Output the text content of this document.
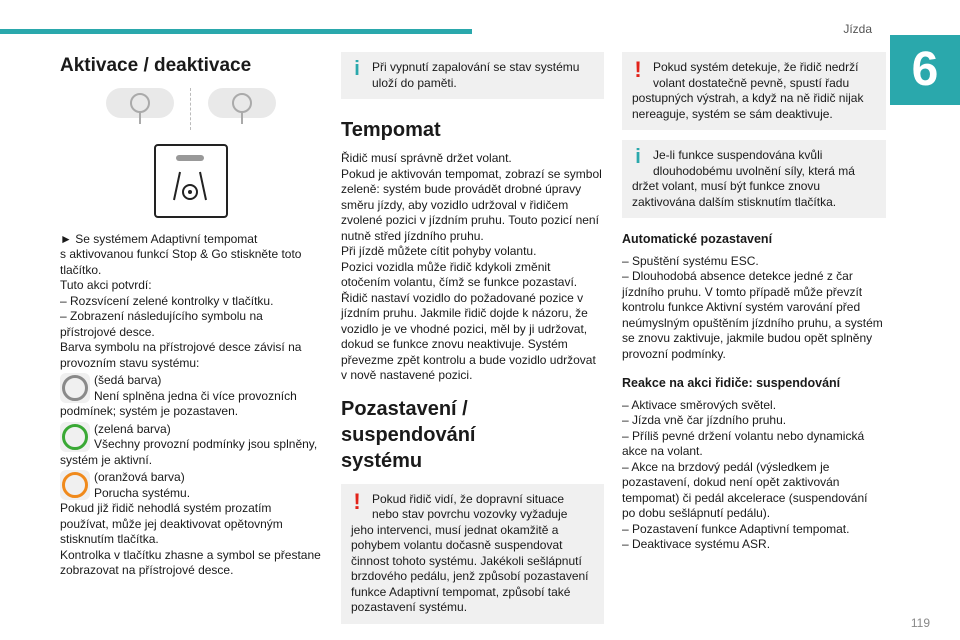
Jízda
6
119
Aktivace / deaktivace

► Se systémem Adaptivní tempomat

s aktivovanou funkcí Stop & Go stiskněte toto

tlačítko.

Tuto akci potvrdí:

– Rozsvícení zelené kontrolky v tlačítku.

– Zobrazení následujícího symbolu na

přístrojové desce.

Barva symbolu na přístrojové desce závisí na

provozním stavu systému:

(šedá barva)

Není splněna jedna či více provozních

podmínek; systém je pozastaven.

(zelená barva)

Všechny provozní podmínky jsou splněny,

systém je aktivní.

(oranžová barva)

Porucha systému.

Pokud již řidič nehodlá systém prozatím

používat, může jej deaktivovat opětovným

stisknutím tlačítka.

Kontrolka v tlačítku zhasne a symbol se přestane

zobrazovat na přístrojové desce.

i	Při vypnutí zapalování se stav systému

uloží do paměti.

Tempomat

Řidič musí správně držet volant.

Pokud je aktivován tempomat, zobrazí se symbol

zeleně: systém bude provádět drobné úpravy

směru jízdy, aby vozidlo udržoval v řidičem

zvolené pozici v jízdním pruhu. Touto pozicí není

nutně střed jízdního pruhu.

Při jízdě můžete cítit pohyby volantu.

Pozici vozidla může řidič kdykoli změnit

otočením volantu, čímž se funkce pozastaví.

Řidič nastaví vozidlo do požadované pozice v

jízdním pruhu. Jakmile řidič dojde k názoru, že

vozidlo je ve vhodné pozici, měl by ji udržovat,

dokud se funkce znovu neaktivuje. Systém

převezme zpět kontrolu a bude vozidlo udržovat

v nově nastavené pozici.

Pozastavení / suspendování
systému
! Pokud řidič vidí, že dopravní situace

nebo stav povrchu vozovky vyžaduje

jeho intervenci, musí jednat okamžitě a

pohybem volantu dočasně suspendovat

činnost tohoto systému. Jakékoli sešlápnutí

brzdového pedálu, jenž způsobí pozastavení

funkce Adaptivní tempomat, způsobí také

pozastavení systému.

! Pokud systém detekuje, že řidič nedrží

volant dostatečně pevně, spustí řadu

postupných výstrah, a když na ně řidič nijak

nereaguje, systém se sám deaktivuje.

i	Je-li funkce suspendována kvůli

dlouhodobému uvolnění síly, která má

držet volant, musí být funkce znovu

zaktivována dalším stisknutím tlačítka.

Automatické pozastavení

– Spuštění systému ESC.

– Dlouhodobá absence detekce jedné z čar

jízdního pruhu. V tomto případě může převzít

kontrolu funkce Aktivní systém varování před

neúmyslným opuštěním jízdního pruhu, a systém

se znovu zaktivuje, jakmile budou opět splněny

provozní podmínky.

Reakce na akci řidiče: suspendování

– Aktivace směrových světel.

– Jízda vně čar jízdního pruhu.

– Příliš pevné držení volantu nebo dynamická

akce na volant.

– Akce na brzdový pedál (výsledkem je

pozastavení, dokud není opět zaktivován

tempomat) či pedál akcelerace (suspendování

po dobu sešlápnutí pedálu).

– Pozastavení funkce Adaptivní tempomat.

– Deaktivace systému ASR.
